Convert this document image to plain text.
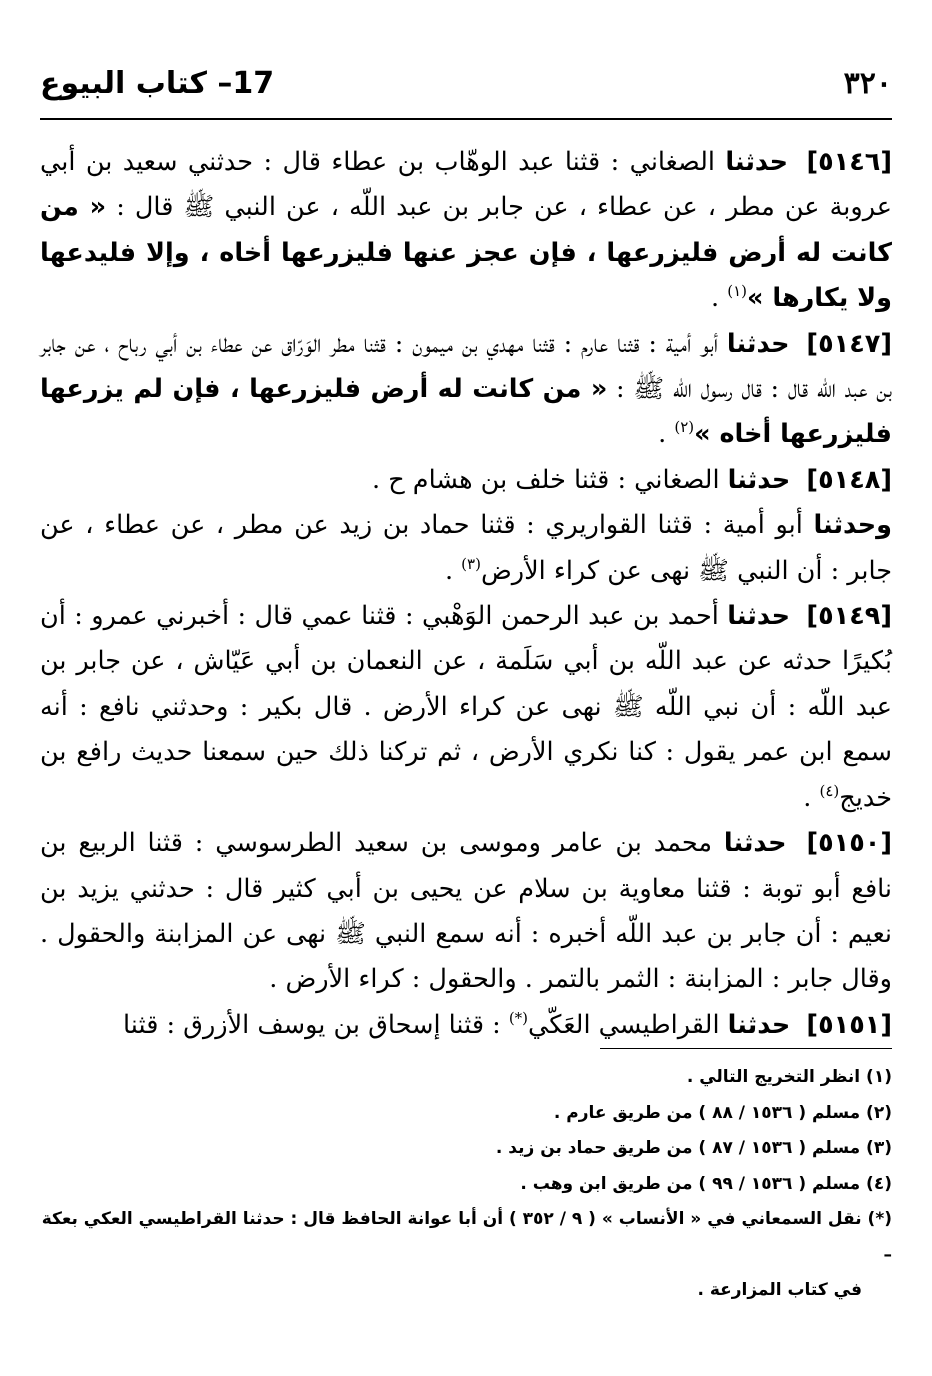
٣٢٠
17– كتاب البيوع

[٥١٤٦] حدثنا الصغاني : قثنا عبد الوهّاب بن عطاء قال : حدثني سعيد بن أبي عروبة عن مطر ، عن عطاء ، عن جابر بن عبد اللّه ، عن النبي ﷺ قال : « من كانت له أرض فليزرعها ، فإن عجز عنها فليزرعها أخاه ، وإلا فليدعها ولا يكارها »$^{(١)}$ .

[٥١٤٧] حدثنا أبو أمية : قثنا عارم : قثنا مهدي بن ميمون : قثنا مطر الوَرّاق عن عطاء بن أبي رباح ، عن جابر بن عبد اللّه قال : قال رسول اللّه ﷺ : « من كانت له أرض فليزرعها ، فإن لم يزرعها فليزرعها أخاه »$^{(٢)}$ .

[٥١٤٨] حدثنا الصغاني : قثنا خلف بن هشام ح .

وحدثنا أبو أمية : قثنا القواريري : قثنا حماد بن زيد عن مطر ، عن عطاء ، عن جابر : أن النبي ﷺ نهى عن كراء الأرض$^{(٣)}$ .

[٥١٤٩] حدثنا أحمد بن عبد الرحمن الوَهْبي : قثنا عمي قال : أخبرني عمرو : أن بُكيرًا حدثه عن عبد اللّه بن أبي سَلَمة ، عن النعمان بن أبي عَيّاش ، عن جابر بن عبد اللّه : أن نبي اللّه ﷺ نهى عن كراء الأرض . قال بكير : وحدثني نافع : أنه سمع ابن عمر يقول : كنا نكري الأرض ، ثم تركنا ذلك حين سمعنا حديث رافع بن خديج$^{(٤)}$ .

[٥١٥٠] حدثنا محمد بن عامر وموسى بن سعيد الطرسوسي : قثنا الربيع بن نافع أبو توبة : قثنا معاوية بن سلام عن يحيى بن أبي كثير قال : حدثني يزيد بن نعيم : أن جابر بن عبد اللّه أخبره : أنه سمع النبي ﷺ نهى عن المزابنة والحقول . وقال جابر : المزابنة : الثمر بالتمر . والحقول : كراء الأرض .

[٥١٥١] حدثنا القراطيسي العَكّي(*) : قثنا إسحاق بن يوسف الأزرق : قثنا

(١) انظر التخريج التالي .

(٢) مسلم ( ١٥٣٦ / ٨٨ ) من طريق عارم .

(٣) مسلم ( ١٥٣٦ / ٨٧ ) من طريق حماد بن زيد .

(٤) مسلم ( ١٥٣٦ / ٩٩ ) من طريق ابن وهب .

(*) نقل السمعاني في « الأنساب » ( ٩ / ٣٥٢ ) أن أبا عوانة الحافظ قال : حدثنا القراطيسي العكي بعكة –

في كتاب المزارعة .
